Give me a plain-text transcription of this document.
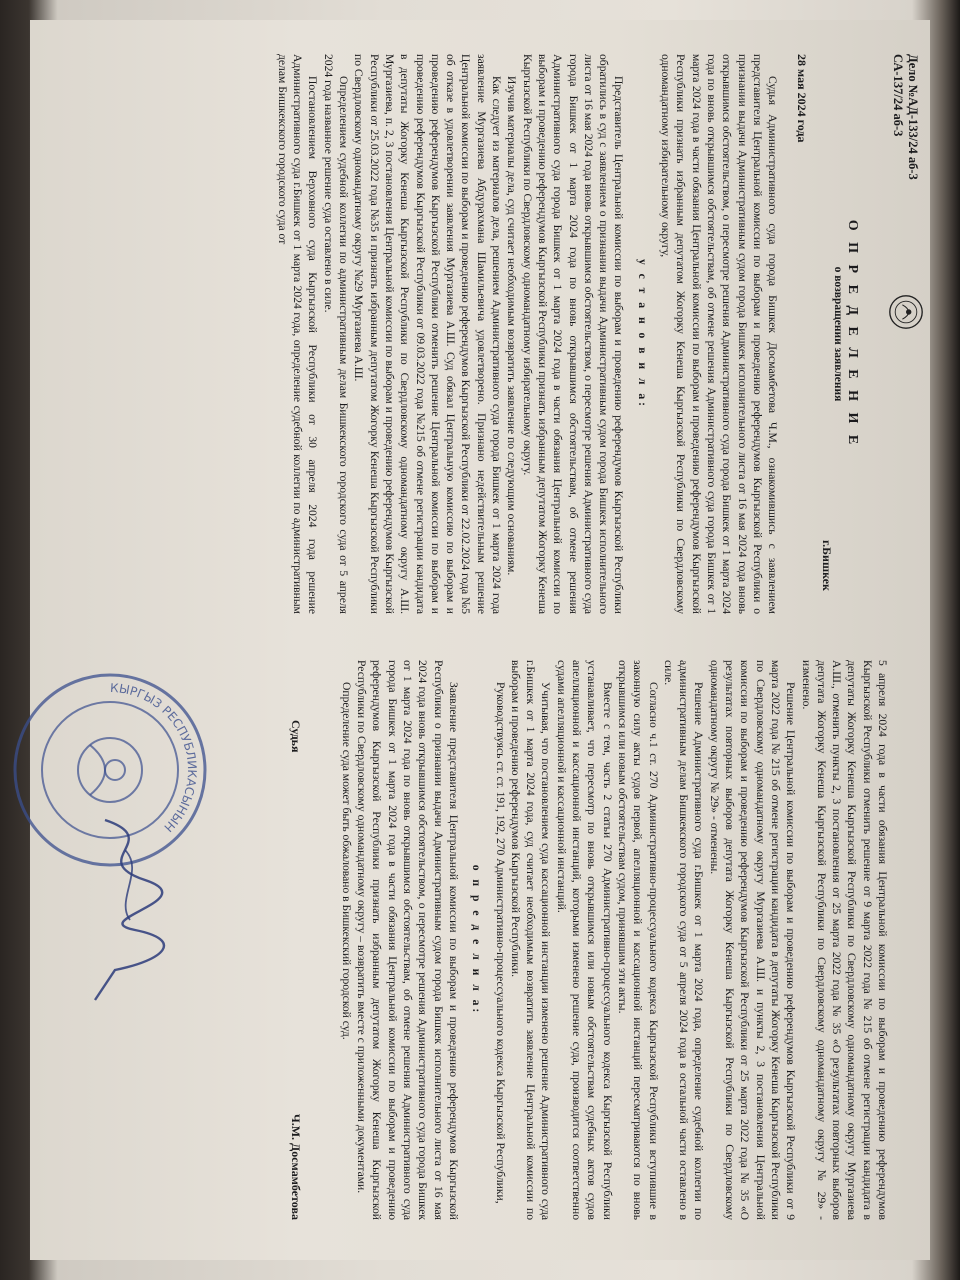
Дело №АД-133/24 аб-3
СА-137/24 аб-3
О П Р Е Д Е Л Е Н И Е
о возвращении заявления

28 мая 2024 года

Судья Административного суда города Бишкек Досмамбетова Ч.М., ознакомившись с заявлением представителя Центральной комиссии по выборам и проведению референдумов Кыргызской Республики о признании выдачи Административным судом города Бишкек исполнительного листа от 16 мая 2024 года вновь открывшимся обстоятельством, о пересмотре решения Административного суда города Бишкек от 1 марта 2024 года по вновь открывшимся обстоятельствам, об отмене решения Административного суда города Бишкек от 1 марта 2024 года в части обязания Центральной комиссии по выборам и проведению референдумов Кыргызской Республики признать избранным депутатом Жогорку Кенеша Кыргызской Республики по Свердловскому одномандатному избирательному округу,

у с т а н о в и л а:

Представитель Центральной комиссии по выборам и проведению референдумов Кыргызской Республики обратились в суд с заявлением о признании выдачи Административным судом города Бишкек исполнительного листа от 16 мая 2024 года вновь открывшимся обстоятельством, о пересмотре решения Административного суда города Бишкек от 1 марта 2024 года по вновь открывшимся обстоятельствам, об отмене решения Административного суда города Бишкек от 1 марта 2024 года в части обязания Центральной комиссии по выборам и проведению референдумов Кыргызской Республики признать избранным депутатом Жогорку Кенеша Кыргызской Республики по Свердловскому одномандатному избирательному округу.

Изучив материалы дела, суд считает необходимым возвратить заявление по следующим основаниям.

Как следует из материалов дела, решением Административного суда города Бишкек от 1 марта 2024 года заявление Мургазиева Абдурахмана Шамильевича удовлетворено. Признано недействительным решение Центральной комиссии по выборам и проведению референдумов Кыргызской Республики от 22.02.2024 года №5 об отказе в удовлетворении заявления Мургазиева А.Ш. Суд обязал Центральную комиссию по выборам и проведению референдумов Кыргызской Республики отменить решение Центральной комиссии по выборам и проведению референдумов Кыргызской Республики от 09.03.2022 года №215 об отмене регистрации кандидата в депутаты Жогорку Кенеша Кыргызской Республики по Свердловскому одномандатному округу А.Ш. Мургазиева, п. 2, 3 постановления Центральной комиссии по выборам и проведению референдумов Кыргызской Республики от 25.03.2022 года №35 и признать избранным депутатом Жогорку Кенеша Кыргызской Республики по Свердловскому одномандатному округу №29 Мургазиева А.Ш.

Определением судебной коллегии по административным делам Бишкекского городского суда от 5 апреля 2024 года названное решение суда оставлено в силе.

Постановлением Верховного суда Кыргызской Республики от 30 апреля 2024 года решение Административного суда г.Бишкек от 1 марта 2024 года, определение судебной коллегии по административным делам Бишкекского городского суда от

г.Бишкек

5 апреля 2024 года в части обязания Центральной комиссии по выборам и проведению референдумов Кыргызской Республики отменить решение от 9 марта 2022 года № 215 об отмене регистрации кандидата в депутаты Жогорку Кенеша Кыргызской Республики по Свердловскому одномандатному округу Мургазиева А.Ш., отменить пункты 2, 3 постановления от 25 марта 2022 года № 35 «О результатах повторных выборов депутата Жогорку Кенеша Кыргызской Республики по Свердловскому одномандатному округу № 29» - изменено.

Решение Центральной комиссии по выборам и проведению референдумов Кыргызской Республики от 9 марта 2022 года № 215 об отмене регистрации кандидата в депутаты Жогорку Кенеша Кыргызской Республики по Свердловскому одномандатному округу Мургазиева А.Ш. и пункты 2, 3 постановления Центральной комиссии по выборам и проведению референдумов Кыргызской Республики от 25 марта 2022 года № 35 «О результатах повторных выборов депутата Жогорку Кенеша Кыргызской Республики по Свердловскому одномандатному округу № 29» - отменены.

Решение Административного суда г.Бишкек от 1 марта 2024 года, определение судебной коллегии по административным делам Бишкекского городского суда от 5 апреля 2024 года в остальной части оставлено в силе.

Согласно ч.1 ст. 270 Административно-процессуального кодекса Кыргызской Республики вступившие в законную силу акты судов первой, апелляционной и кассационной инстанций пересматриваются по вновь открывшимся или новым обстоятельствам судом, принявшим эти акты.

Вместе с тем, часть 2 статьи 270 Административно-процессуального кодекса Кыргызской Республики устанавливает, что пересмотр по вновь открывшимся или новым обстоятельствам судебных актов судов апелляционной и кассационной инстанций, которыми изменено решение суда, производится соответственно судами апелляционной и кассационной инстанций.

Учитывая, что постановлением суда кассационной инстанции изменено решение Административного суда г.Бишкек от 1 марта 2024 года, суд считает необходимым возвратить заявление Центральной комиссии по выборам и проведению референдумов Кыргызской Республики.

Руководствуясь ст. ст. 191, 192, 270 Административно-процессуального кодекса Кыргызской Республики,

о п р е д е л и л а:

Заявление представителя Центральной комиссии по выборам и проведению референдумов Кыргызской Республики о признании выдачи Административным судом города Бишкек исполнительного листа от 16 мая 2024 года вновь открывшимся обстоятельством, о пересмотре решения Административного суда города Бишкек от 1 марта 2024 года по вновь открывшимся обстоятельствам, об отмене решения Административного суда города Бишкек от 1 марта 2024 года в части обязания Центральной комиссии по выборам и проведению референдумов Кыргызской Республики признать избранным депутатом Жогорку Кенеша Кыргызской Республики по Свердловскому одномандатному округу – возвратить вместе с приложенными документами.

Определение суда может быть обжаловано в Бишкекский городской суд.

Судья
Ч.М. Досмамбетова
КЫРГЫЗ РЕСПУБЛИКАСЫНЫН
